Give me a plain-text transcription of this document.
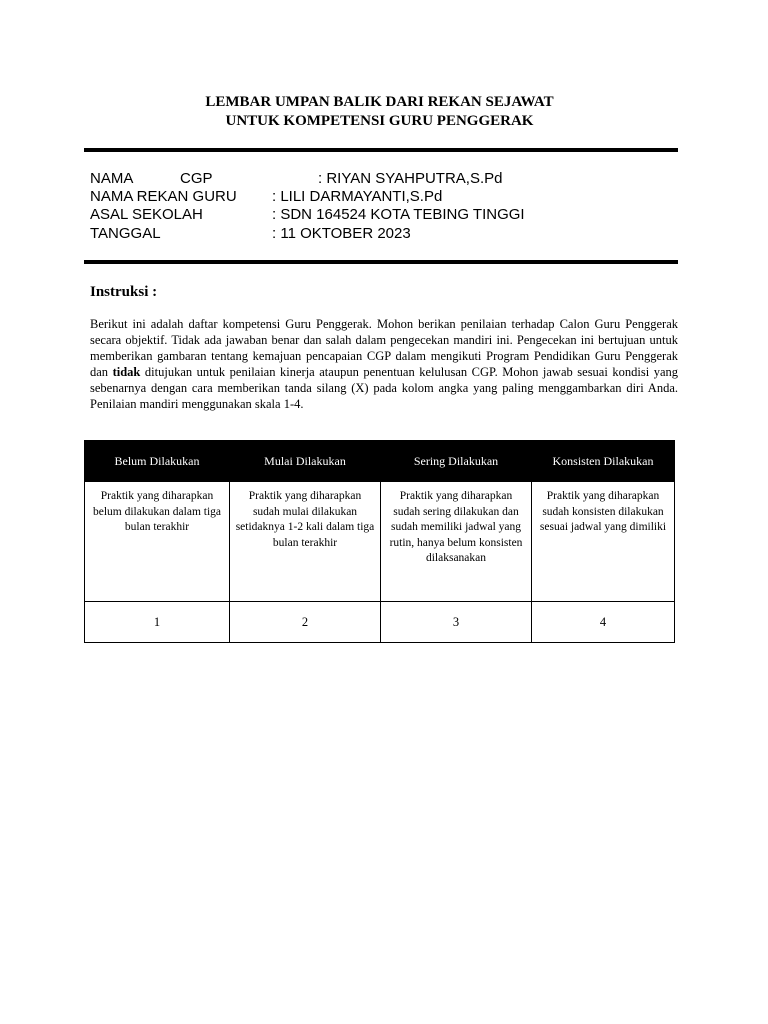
LEMBAR UMPAN BALIK DARI REKAN SEJAWAT
UNTUK KOMPETENSI GURU PENGGERAK
NAMA	CGP	: RIYAN SYAHPUTRA,S.Pd
NAMA REKAN GURU : LILI DARMAYANTI,S.Pd
ASAL SEKOLAH	: SDN 164524 KOTA TEBING TINGGI
TANGGAL	: 11 OKTOBER 2023
Instruksi :
Berikut ini adalah daftar kompetensi Guru Penggerak. Mohon berikan penilaian terhadap Calon Guru Penggerak secara objektif. Tidak ada jawaban benar dan salah dalam pengecekan mandiri ini. Pengecekan ini bertujuan untuk memberikan gambaran tentang kemajuan pencapaian CGP dalam mengikuti Program Pendidikan Guru Penggerak dan tidak ditujukan untuk penilaian kinerja ataupun penentuan kelulusan CGP. Mohon jawab sesuai kondisi yang sebenarnya dengan cara memberikan tanda silang (X) pada kolom angka yang paling menggambarkan diri Anda. Penilaian mandiri menggunakan skala 1-4.
Belum Dilakukan	Mulai Dilakukan	Sering Dilakukan	Konsisten Dilakukan
Praktik yang diharapkan belum dilakukan dalam tiga bulan terakhir	Praktik yang diharapkan sudah mulai dilakukan setidaknya 1-2 kali dalam tiga bulan terakhir	Praktik yang diharapkan sudah sering dilakukan dan sudah memiliki jadwal yang rutin, hanya belum konsisten dilaksanakan	Praktik yang diharapkan sudah konsisten dilakukan sesuai jadwal yang dimiliki
1	2	3	4
